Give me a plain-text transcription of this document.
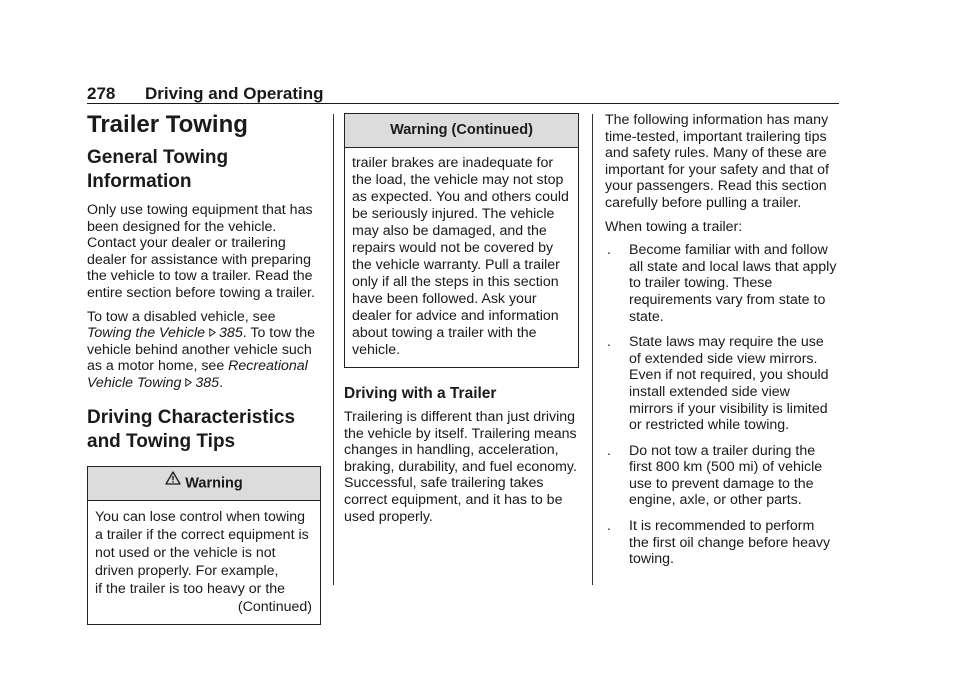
278 Driving and Operating
Trailer Towing
General Towing Information

Only use towing equipment that has been designed for the vehicle. Contact your dealer or trailering dealer for assistance with preparing the vehicle to tow a trailer. Read the entire section before towing a trailer.

To tow a disabled vehicle, see Towing the Vehicle 385. To tow the vehicle behind another vehicle such as a motor home, see Recreational Vehicle Towing 385.

Driving Characteristics and Towing Tips
Warning
You can lose control when towing
a trailer if the correct equipment is
not used or the vehicle is not
driven properly. For example,
if the trailer is too heavy or the
(Continued)
Warning (Continued)
trailer brakes are inadequate for the load, the vehicle may not stop as expected. You and others could be seriously injured. The vehicle may also be damaged, and the repairs would not be covered by the vehicle warranty. Pull a trailer only if all the steps in this section have been followed. Ask your dealer for advice and information about towing a trailer with the vehicle.
Driving with a Trailer

Trailering is different than just driving the vehicle by itself. Trailering means changes in handling, acceleration, braking, durability, and fuel economy. Successful, safe trailering takes correct equipment, and it has to be used properly.

The following information has many time-tested, important trailering tips and safety rules. Many of these are important for your safety and that of your passengers. Read this section carefully before pulling a trailer.

When towing a trailer:

. Become familiar with and follow all state and local laws that apply to trailer towing. These requirements vary from state to state.
. State laws may require the use of extended side view mirrors. Even if not required, you should install extended side view mirrors if your visibility is limited or restricted while towing.
. Do not tow a trailer during the first 800 km (500 mi) of vehicle use to prevent damage to the engine, axle, or other parts.
. It is recommended to perform the first oil change before heavy towing.
